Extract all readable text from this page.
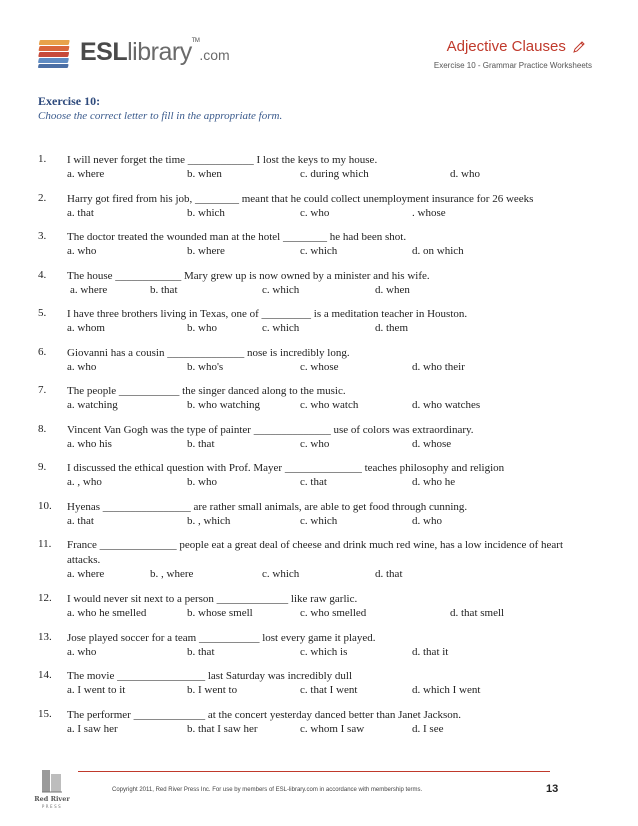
ESLlibrary™.com	Adjective Clauses
Exercise 10 - Grammar Practice Worksheets
Exercise 10:
Choose the correct letter to fill in the appropriate form.
1. I will never forget the time ____________ I lost the keys to my house.
a. where	b. when	c. during which	d. who
2. Harry got fired from his job, ________ meant that he could collect unemployment insurance for 26 weeks
a. that	b. which	c. who	. whose
3. The doctor treated the wounded man at the hotel ________ he had been shot.
a. who	b. where	c. which	d. on which
4. The house ____________ Mary grew up is now owned by a minister and his wife.
a. where	b. that	c. which	d. when
5. I have three brothers living in Texas, one of _________ is a meditation teacher in Houston.
a. whom	b. who	c. which	d. them
6. Giovanni has a cousin ______________ nose is incredibly long.
a. who	b. who's	c. whose	d. who their
7. The people ___________ the singer danced along to the music.
a. watching	b. who watching	c. who watch	d. who watches
8. Vincent Van Gogh was the type of painter ______________ use of colors was extraordinary.
a. who his	b. that	c. who	d. whose
9. I discussed the ethical question with Prof. Mayer ______________ teaches philosophy and religion
a. , who	b. who	c. that	d. who he
10. Hyenas ________________ are rather small animals, are able to get food through cunning.
a. that	b. , which	c. which	d. who
11. France ______________ people eat a great deal of cheese and drink much red wine, has a low incidence of heart attacks.
a. where	b. , where	c. which	d. that
12. I would never sit next to a person _____________ like raw garlic.
a. who he smelled	b. whose smell	c. who smelled	d. that smell
13. Jose played soccer for a team ___________ lost every game it played.
a. who	b. that	c. which is	d. that it
14. The movie ________________ last Saturday was incredibly dull
a. I went to it	b. I went to	c. that I went	d. which I went
15. The performer _____________ at the concert yesterday danced better than Janet Jackson.
a. I saw her	b. that I saw her	c. whom I saw	d. I see
Red River
PRESS
Copyright 2011, Red River Press Inc. For use by members of ESL-library.com in accordance with membership terms.	13
